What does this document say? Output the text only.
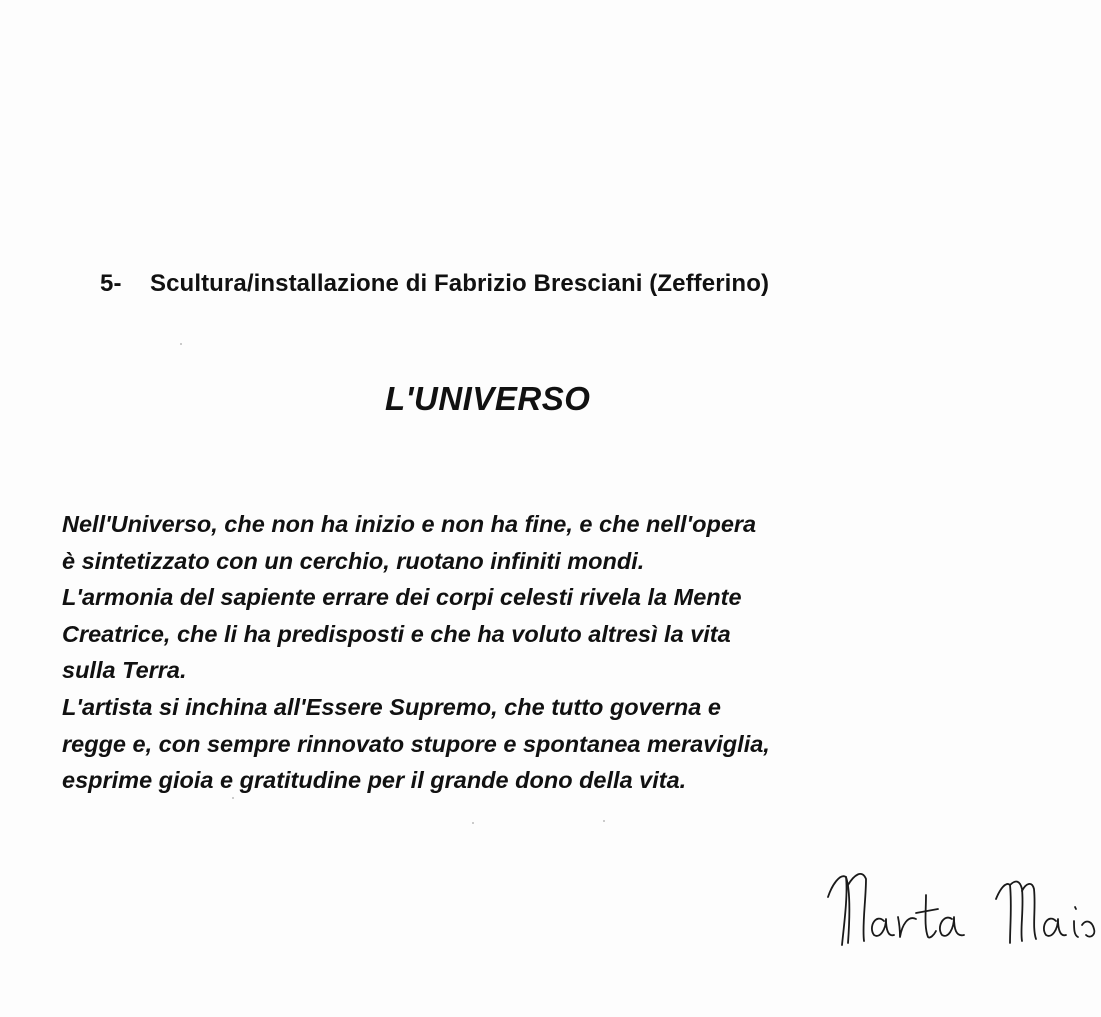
5- Scultura/installazione di Fabrizio Bresciani (Zefferino)
L'UNIVERSO
Nell'Universo, che non ha inizio e non ha fine, e che nell'opera
è sintetizzato con un cerchio, ruotano infiniti mondi.
L'armonia del sapiente errare dei corpi celesti rivela la Mente
Creatrice, che li ha predisposti e che ha voluto altresì la vita
sulla Terra.
L'artista si inchina all'Essere Supremo, che tutto governa e
regge e, con sempre rinnovato stupore e spontanea meraviglia,
esprime gioia e gratitudine per il grande dono della vita.
